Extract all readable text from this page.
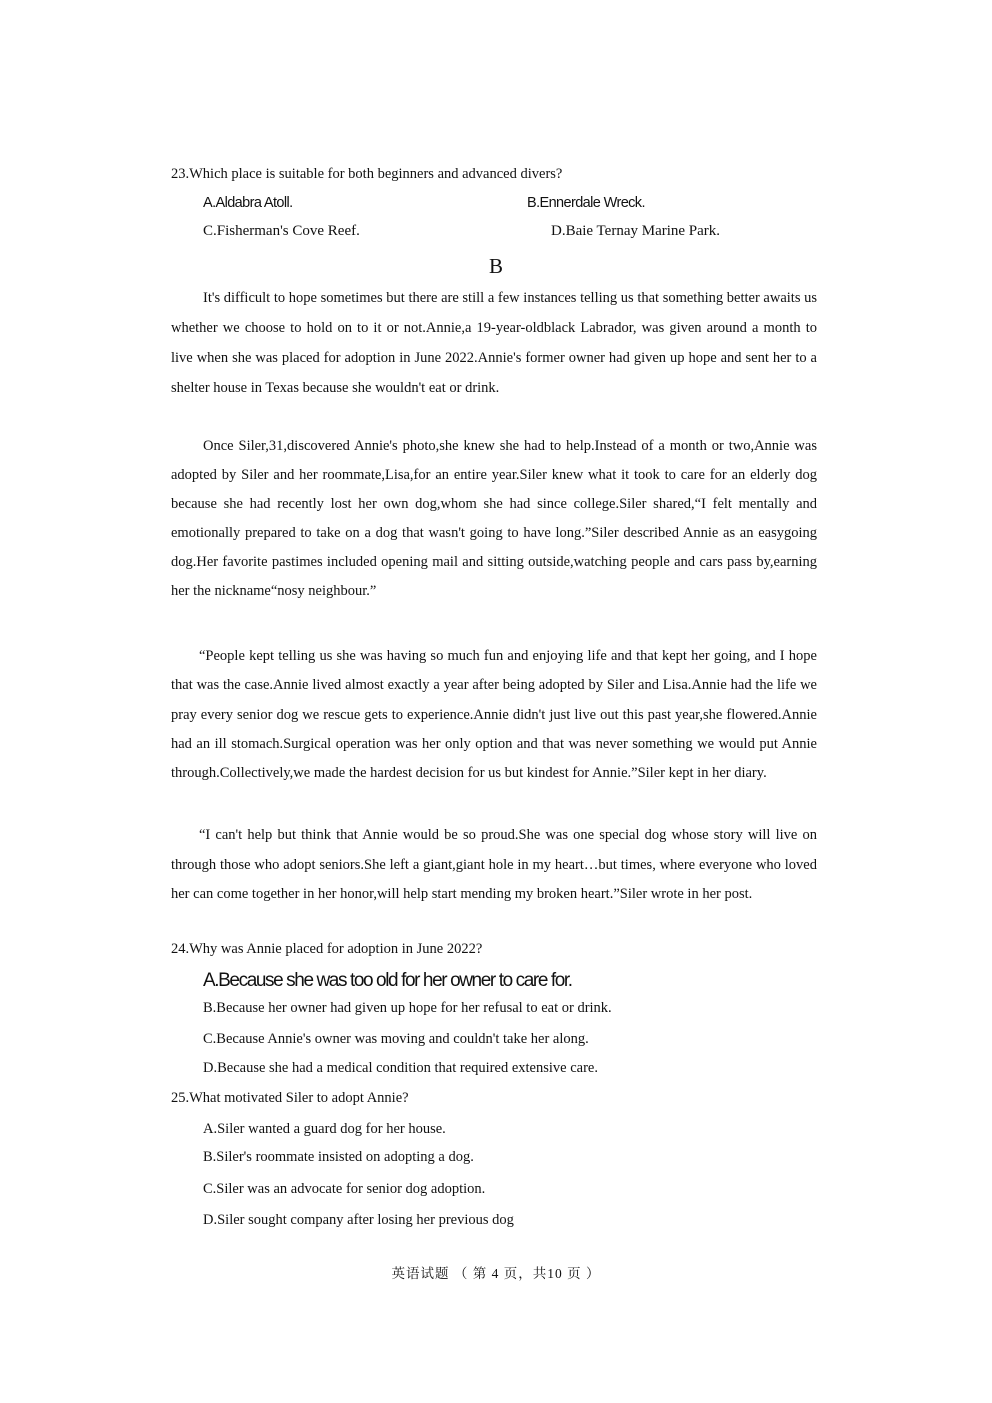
23.Which place is suitable for both beginners and advanced divers?
A.Aldabra Atoll.	B.Ennerdale Wreck.
C.Fisherman's Cove Reef.	D.Baie Ternay Marine Park.
B

It's difficult to hope sometimes but there are still a few instances telling us that something better awaits us whether we choose to hold on to it or not.Annie,a 19-year-oldblack Labrador, was given around a month to live when she was placed for adoption in June 2022.Annie's former owner had given up hope and sent her to a shelter house in Texas because she wouldn't eat or drink.

Once Siler,31,discovered Annie's photo,she knew she had to help.Instead of a month or two,Annie was adopted by Siler and her roommate,Lisa,for an entire year.Siler knew what it took to care for an elderly dog because she had recently lost her own dog,whom she had since college.Siler shared,“I felt mentally and emotionally prepared to take on a dog that wasn't going to have long.”Siler described Annie as an easygoing dog.Her favorite pastimes included opening mail and sitting outside,watching people and cars pass by,earning her the nickname“nosy neighbour.”

“People kept telling us she was having so much fun and enjoying life and that kept her going, and I hope that was the case.Annie lived almost exactly a year after being adopted by Siler and Lisa.Annie had the life we pray every senior dog we rescue gets to experience.Annie didn't just live out this past year,she flowered.Annie had an ill stomach.Surgical operation was her only option and that was never something we would put Annie through.Collectively,we made the hardest decision for us but kindest for Annie.”Siler kept in her diary.

“I can't help but think that Annie would be so proud.She was one special dog whose story will live on through those who adopt seniors.She left a giant,giant hole in my heart…but times, where everyone who loved her can come together in her honor,will help start mending my broken heart.”Siler wrote in her post.

24.Why was Annie placed for adoption in June 2022?
A.Because she was too old for her owner to care for.
B.Because her owner had given up hope for her refusal to eat or drink.
C.Because Annie's owner was moving and couldn't take her along.
D.Because she had a medical condition that required extensive care.
25.What motivated Siler to adopt Annie?
A.Siler wanted a guard dog for her house.
B.Siler's roommate insisted on adopting a dog.
C.Siler was an advocate for senior dog adoption.
D.Siler sought company after losing her previous dog
英语试题 （ 第 4 页，共10 页 ）
